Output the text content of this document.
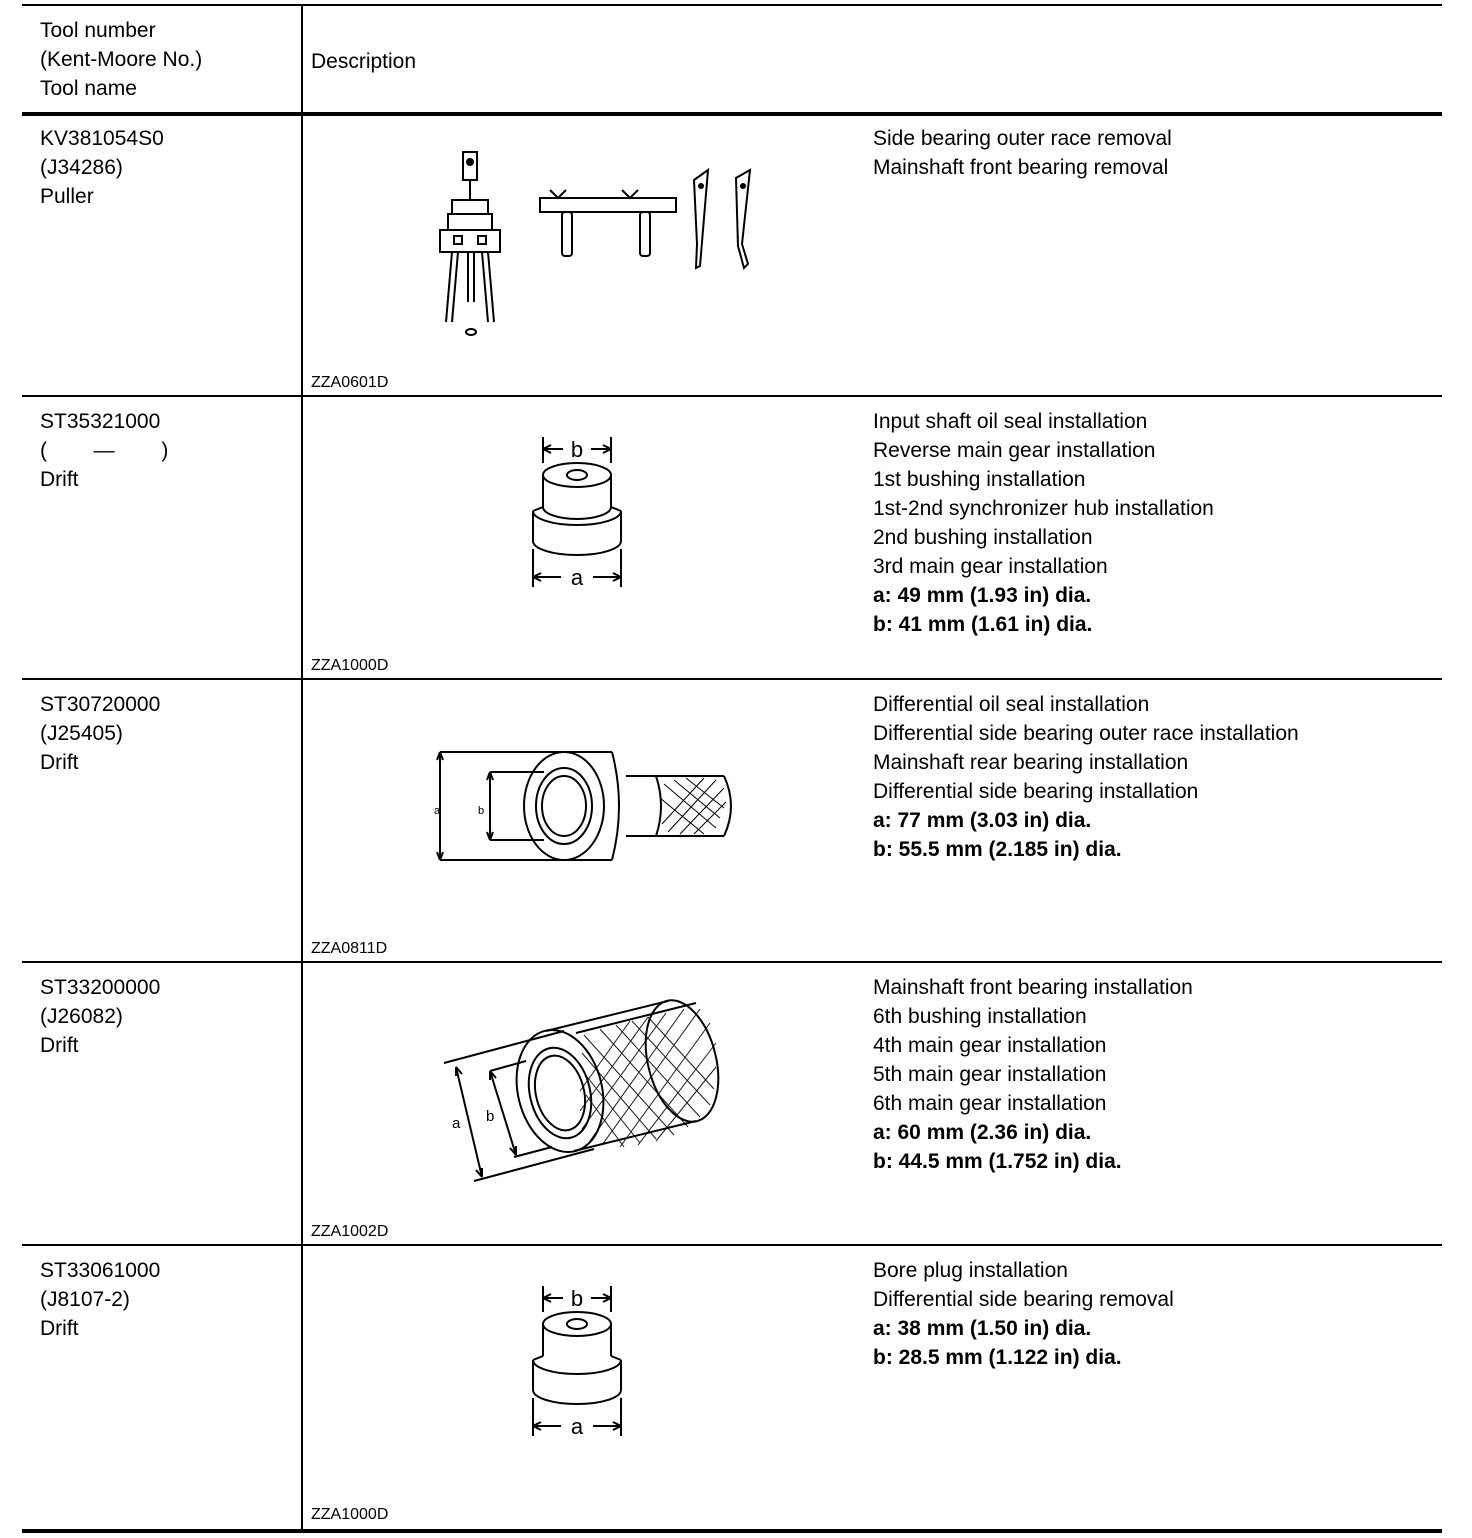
Tool number
(Kent-Moore No.)
Tool name
Description
KV381054S0
(J34286)
Puller
ZZA0601D
Side bearing outer race removal
Mainshaft front bearing removal
ST35321000
(        —        )
Drift
b
a
ZZA1000D
Input shaft oil seal installation
Reverse main gear installation
1st bushing installation
1st-2nd synchronizer hub installation
2nd bushing installation
3rd main gear installation
a: 49 mm (1.93 in) dia.
b: 41 mm (1.61 in) dia.
ST30720000
(J25405)
Drift
a	b
ZZA0811D
Differential oil seal installation
Differential side bearing outer race installation
Mainshaft rear bearing installation
Differential side bearing installation
a: 77 mm (3.03 in) dia.
b: 55.5 mm (2.185 in) dia.
ST33200000
(J26082)
Drift
a b
ZZA1002D
Mainshaft front bearing installation
6th bushing installation
4th main gear installation
5th main gear installation
6th main gear installation
a: 60 mm (2.36 in) dia.
b: 44.5 mm (1.752 in) dia.
ST33061000
(J8107-2)
Drift
b
a
ZZA1000D
Bore plug installation
Differential side bearing removal
a: 38 mm (1.50 in) dia.
b: 28.5 mm (1.122 in) dia.
